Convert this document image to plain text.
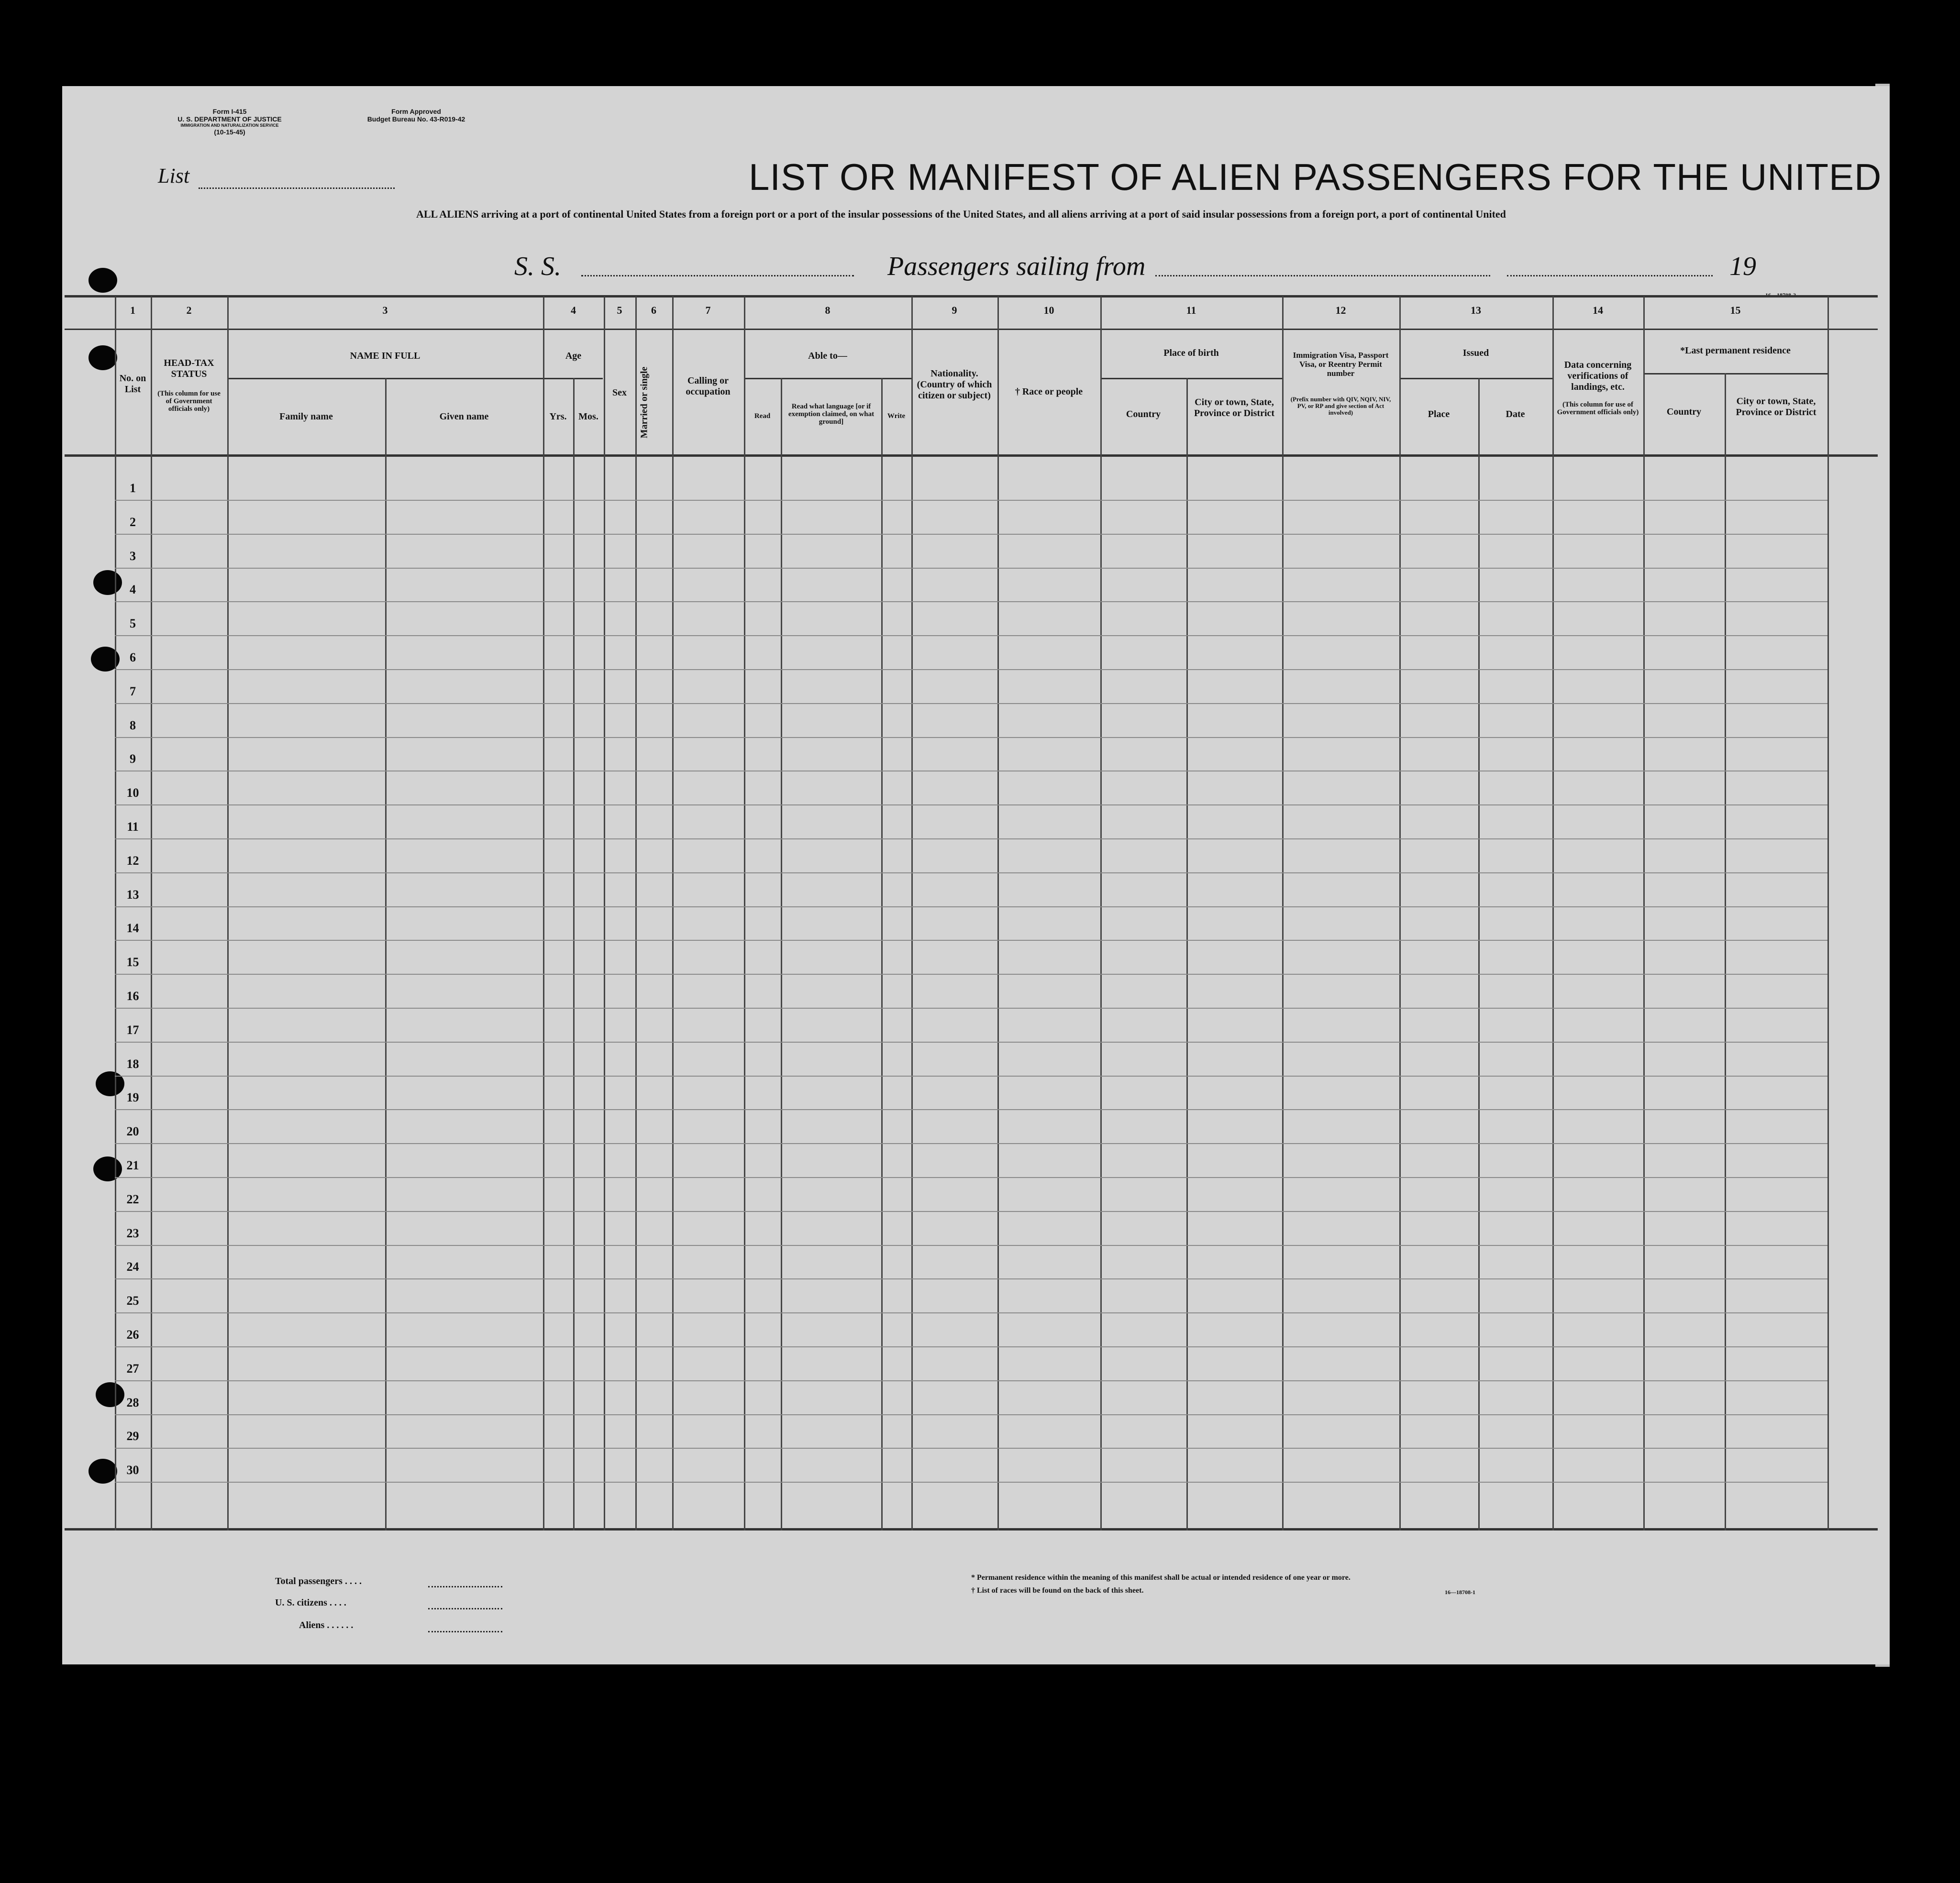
Form I-415
U. S. DEPARTMENT OF JUSTICE
IMMIGRATION AND NATURALIZATION SERVICE
(10-15-45)
Form Approved
Budget Bureau No. 43-R019-42
List	LIST OR MANIFEST OF ALIEN PASSENGERS FOR THE UNITED
ALL ALIENS arriving at a port of continental United States from a foreign port or a port of the insular possessions of the United States, and all aliens arriving at a port of said insular possessions from a foreign port, a port of continental United
S. S.	Passengers sailing from	19
1	2	3	4	5	6	7	8	9	10	11	12	13	14	15
No. on List
HEAD-TAX STATUS
(This column for use of Government officials only)
NAME IN FULL
Family name	Given name
Age
Yrs.	Mos.
Sex	Married or single	Calling or occupation
Able to—
Read
Read what language [or if exemption claimed, on what ground]
Write
Nationality. (Country of which citizen or subject)	† Race or people
Place of birth
Country
City or town, State, Province or District
Immigration Visa, Passport Visa, or Reentry Permit number
(Prefix number with QIV, NQIV, NIV, PV, or RP and give section of Act involved)
Issued
Place	Date
Data concerning verifications of landings, etc.
(This column for use of Government officials only)
*Last permanent residence
Country
City or town, State, Province or District
1
2
3
4
5
6
7
8
9
10
11
12
13
14
15
16
17
18
19
20
21
22
23
24
25
26
27
28
29
30
Total passengers . . . .
U. S. citizens . . . .
Aliens . . . . . .
* Permanent residence within the meaning of this manifest shall be actual or intended residence of one year or more.
† List of races will be found on the back of this sheet.	16—18708-1
